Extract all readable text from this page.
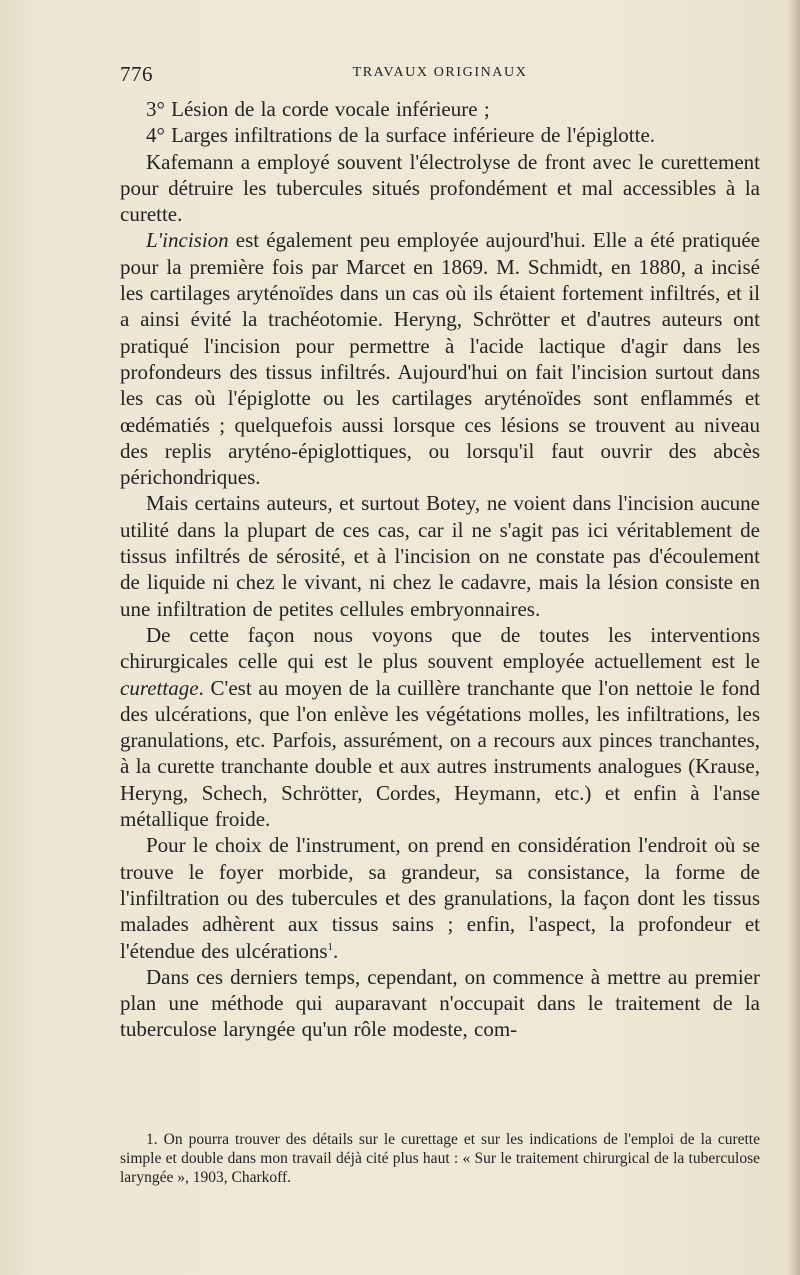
776	TRAVAUX ORIGINAUX

3° Lésion de la corde vocale inférieure ;

4° Larges infiltrations de la surface inférieure de l'épiglotte.

Kafemann a employé souvent l'électrolyse de front avec le curettement pour détruire les tubercules situés profondément et mal accessibles à la curette.

L'incision est également peu employée aujourd'hui. Elle a été pratiquée pour la première fois par Marcet en 1869. M. Schmidt, en 1880, a incisé les cartilages aryténoïdes dans un cas où ils étaient fortement infiltrés, et il a ainsi évité la trachéotomie. Heryng, Schrötter et d'autres auteurs ont pratiqué l'incision pour permettre à l'acide lactique d'agir dans les profondeurs des tissus infiltrés. Aujourd'hui on fait l'incision surtout dans les cas où l'épiglotte ou les cartilages aryténoïdes sont enflammés et œdématiés ; quelquefois aussi lorsque ces lésions se trouvent au niveau des replis aryténo-épiglottiques, ou lorsqu'il faut ouvrir des abcès périchondriques.

Mais certains auteurs, et surtout Botey, ne voient dans l'incision aucune utilité dans la plupart de ces cas, car il ne s'agit pas ici véritablement de tissus infiltrés de sérosité, et à l'incision on ne constate pas d'écoulement de liquide ni chez le vivant, ni chez le cadavre, mais la lésion consiste en une infiltration de petites cellules embryonnaires.

De cette façon nous voyons que de toutes les interventions chirurgicales celle qui est le plus souvent employée actuellement est le curettage. C'est au moyen de la cuillère tranchante que l'on nettoie le fond des ulcérations, que l'on enlève les végétations molles, les infiltrations, les granulations, etc. Parfois, assurément, on a recours aux pinces tranchantes, à la curette tranchante double et aux autres instruments analogues (Krause, Heryng, Schech, Schrötter, Cordes, Heymann, etc.) et enfin à l'anse métallique froide.

Pour le choix de l'instrument, on prend en considération l'endroit où se trouve le foyer morbide, sa grandeur, sa consistance, la forme de l'infiltration ou des tubercules et des granulations, la façon dont les tissus malades adhèrent aux tissus sains ; enfin, l'aspect, la profondeur et l'étendue des ulcérations$^1$.

Dans ces derniers temps, cependant, on commence à mettre au premier plan une méthode qui auparavant n'occupait dans le traitement de la tuberculose laryngée qu'un rôle modeste, com-

1. On pourra trouver des détails sur le curettage et sur les indications de l'emploi de la curette simple et double dans mon travail déjà cité plus haut : « Sur le traitement chirurgical de la tuberculose laryngée », 1903, Charkoff.
